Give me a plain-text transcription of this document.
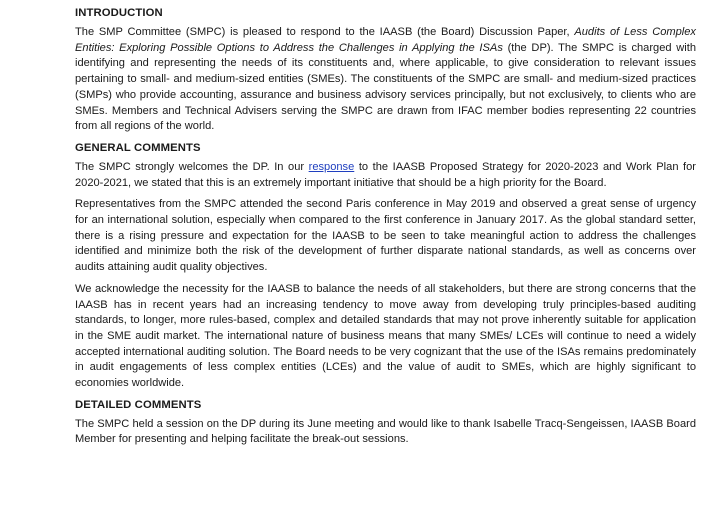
INTRODUCTION

The SMP Committee (SMPC) is pleased to respond to the IAASB (the Board) Discussion Paper, Audits of Less Complex Entities: Exploring Possible Options to Address the Challenges in Applying the ISAs (the DP). The SMPC is charged with identifying and representing the needs of its constituents and, where applicable, to give consideration to relevant issues pertaining to small- and medium-sized entities (SMEs). The constituents of the SMPC are small- and medium-sized practices (SMPs) who provide accounting, assurance and business advisory services principally, but not exclusively, to clients who are SMEs. Members and Technical Advisers serving the SMPC are drawn from IFAC member bodies representing 22 countries from all regions of the world.

GENERAL COMMENTS

The SMPC strongly welcomes the DP. In our response to the IAASB Proposed Strategy for 2020-2023 and Work Plan for 2020-2021, we stated that this is an extremely important initiative that should be a high priority for the Board.

Representatives from the SMPC attended the second Paris conference in May 2019 and observed a great sense of urgency for an international solution, especially when compared to the first conference in January 2017. As the global standard setter, there is a rising pressure and expectation for the IAASB to be seen to take meaningful action to address the challenges identified and minimize both the risk of the development of further disparate national standards, as well as concerns over audits attaining audit quality objectives.

We acknowledge the necessity for the IAASB to balance the needs of all stakeholders, but there are strong concerns that the IAASB has in recent years had an increasing tendency to move away from developing truly principles-based auditing standards, to longer, more rules-based, complex and detailed standards that may not prove inherently suitable for application in the SME audit market. The international nature of business means that many SMEs/ LCEs will continue to need a widely accepted international auditing solution. The Board needs to be very cognizant that the use of the ISAs remains predominately in audit engagements of less complex entities (LCEs) and the value of audit to SMEs, which are highly significant to economies worldwide.

DETAILED COMMENTS

The SMPC held a session on the DP during its June meeting and would like to thank Isabelle Tracq-Sengeissen, IAASB Board Member for presenting and helping facilitate the break-out sessions.
